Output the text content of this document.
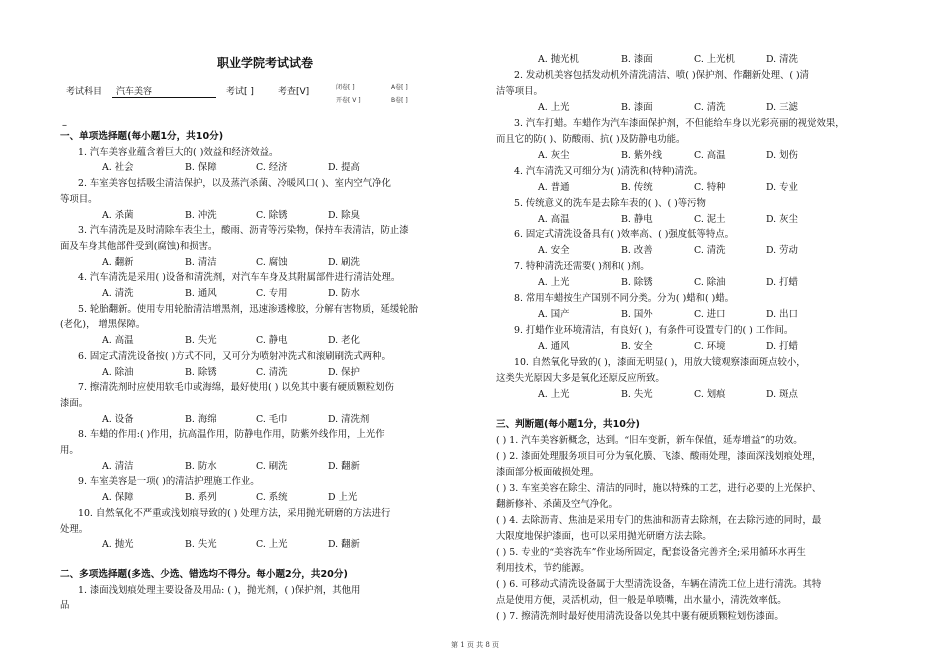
职业学院考试试卷
考试科目	汽车美容	考试[ ]	考查[V]	闭卷[ ]	A卷[ ]
开卷[ V ]	B卷[ ]
–
一、单项选择题(每小题1分，共10分)
1. 汽车美容业蕴含着巨大的( )效益和经济效益。
A. 社会	B. 保障	C. 经济	D. 提高
2. 车室美容包括吸尘清洁保护，以及蒸汽杀菌、冷暖风口( )、室内空气净化
等项目。
A. 杀菌	B. 冲洗	C. 除锈	D. 除臭
3. 汽车清洗是及时清除车表尘土，酸雨、沥青等污染物，保持车表清洁，防止漆
面及车身其他部件受到(腐蚀)和损害。
A. 翻新	B. 清洁	C. 腐蚀	D. 刷洗
4. 汽车清洗是采用( )设备和清洗剂，对汽车车身及其附属部件进行清洁处理。
A. 清洗	B. 通风	C. 专用	D. 防水
5. 轮胎翻新。使用专用轮胎清洁增黑剂，迅速渗透橡胶，分解有害物质，延缓轮胎
(老化)， 增黑保障。
A. 高温	B. 失光	C. 静电	D. 老化
6. 固定式清洗设备按( )方式不同，又可分为喷射冲洗式和滚刷刷洗式两种。
A. 除油	B. 除锈	C. 清洗	D. 保护
7. 擦清洗剂时应使用软毛巾或海绵，最好使用( ) 以免其中裹有硬质颗粒划伤
漆面。
A. 设备	B. 海绵	C. 毛巾	D. 清洗剂
8. 车蜡的作用:( )作用，抗高温作用，防静电作用，防紫外线作用，上光作
用。
A. 清洁	B. 防水	C. 刷洗	D. 翻新
9. 车室美容是一项( )的清洁护理施工作业。
A. 保障	B. 系列	C. 系统	D 上光
10. 自然氧化不严重或浅划痕导致的( ) 处理方法，采用抛光研磨的方法进行
处理。
A. 抛光	B. 失光	C. 上光	D. 翻新
二、多项选择题(多选、少选、错选均不得分。每小题2分，共20分)
1. 漆面浅划痕处理主要设备及用品: ( )，抛光剂，( )保护剂，其他用
品
A. 抛光机	B. 漆面	C. 上光机	D. 清洗
2. 发动机美容包括发动机外清洗清洁、喷( )保护剂、作翻新处理、( )清
洁等项目。
A. 上光	B. 漆面	C. 清洗	D. 三滤
3. 汽车打蜡。车蜡作为汽车漆面保护剂，不但能给车身以光彩亮丽的视觉效果，
而且它的防( )、防酸雨、抗( )及防静电功能。
A. 灰尘	B. 紫外线	C. 高温	D. 划伤
4. 汽车清洗又可细分为( )清洗和(特种)清洗。
A. 普通	B. 传统	C. 特种	D. 专业
5. 传统意义的洗车是去除车表的( )、( )等污物
A. 高温	B. 静电	C. 泥土	D. 灰尘
6. 固定式清洗设备具有( )效率高、( )强度低等特点。
A. 安全	B. 改善	C. 清洗	D. 劳动
7. 特种清洗还需要( )剂和( )剂。
A. 上光	B. 除锈	C. 除油	D. 打蜡
8. 常用车蜡按生产国别不同分类。分为( )蜡和( )蜡。
A. 国产	B. 国外	C. 进口	D. 出口
9. 打蜡作业环境清洁，有良好( )，有条件可设置专门的( ) 工作间。
A. 通风	B. 安全	C. 环境	D. 打蜡
10. 自然氧化导致的( )，漆面无明显( )，用放大镜观察漆面斑点较小，
这类失光原因大多是氧化还原反应所致。
A. 上光	B. 失光	C. 划痕	D. 斑点
三、判断题(每小题1分，共10分)
( ) 1. 汽车美容新概念，达到。“旧车变新，新车保值，延寿增益”的功效。
( ) 2. 漆面处理服务项目可分为氧化膜、飞漆、酸雨处理，漆面深浅划痕处理，
漆面部分板面破损处理。
( ) 3. 车室美容在除尘、清洁的同时，施以特殊的工艺，进行必要的上光保护、
翻新修补、杀菌及空气净化。
( ) 4. 去除沥青、焦油是采用专门的焦油和沥青去除剂，在去除污迹的同时，最
大限度地保护漆面，也可以采用抛光研磨方法去除。
( ) 5. 专业的“美容洗车”作业场所固定，配套设备完善齐全;采用循环水再生
利用技术，节约能源。
( ) 6. 可移动式清洗设备属于大型清洗设备，车辆在清洗工位上进行清洗。其特
点是使用方便，灵活机动，但一般是单喷嘴，出水量小，清洗效率低。
( ) 7. 擦清洗剂时最好使用清洗设备以免其中裹有硬质颗粒划伤漆面。
第 1 页 共 8 页
